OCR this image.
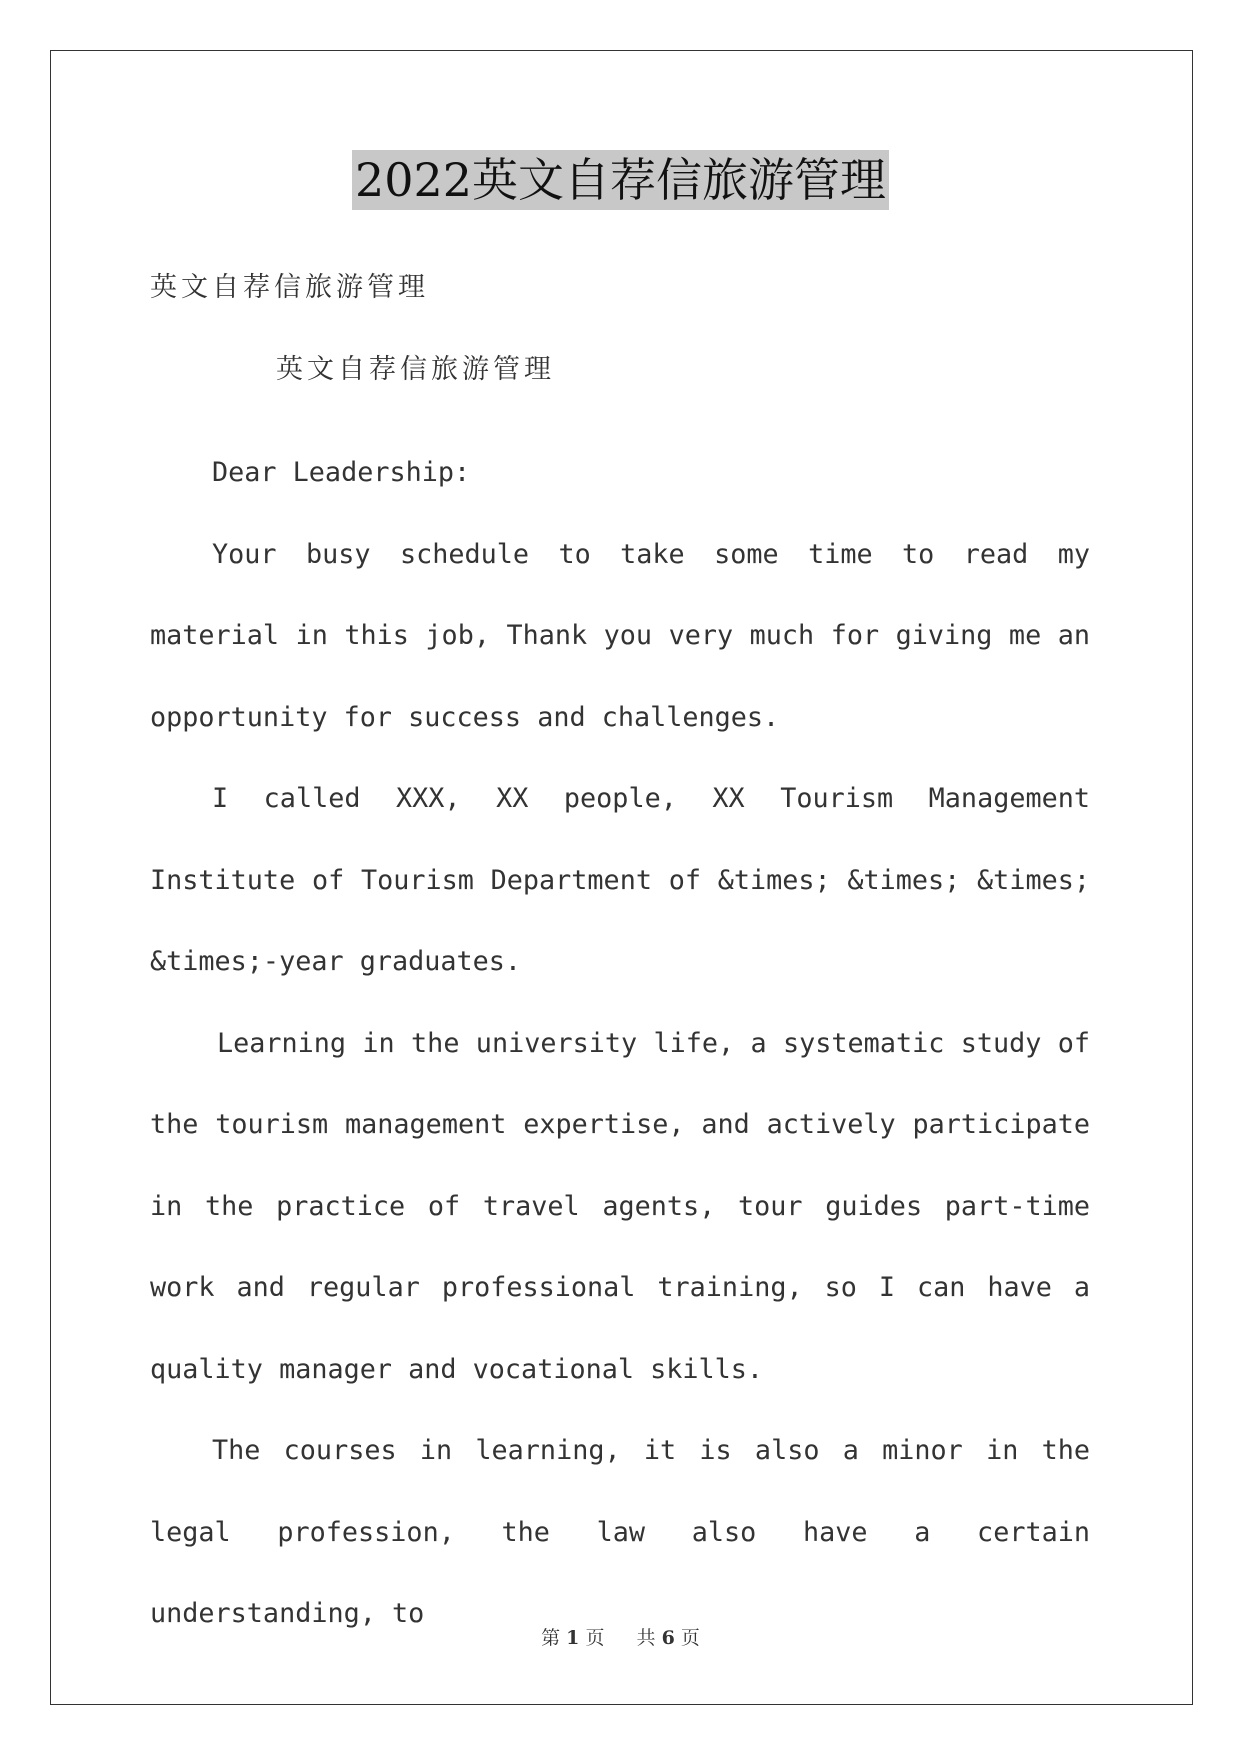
2022英文自荐信旅游管理

英文自荐信旅游管理

英文自荐信旅游管理

Dear Leadership:

Your busy schedule to take some time to read my material in this job, Thank you very much for giving me an opportunity for success and challenges.

I called XXX, XX people, XX Tourism Management Institute of Tourism Department of &times; &times; &times; &times;-year graduates.

Learning in the university life, a systematic study of the tourism management expertise, and actively participate in the practice of travel agents, tour guides part-time work and regular professional training, so I can have a quality manager and vocational skills.

The courses in learning, it is also a minor in the legal profession, the law also have a certain understanding, to

第 1 页 共 6 页
